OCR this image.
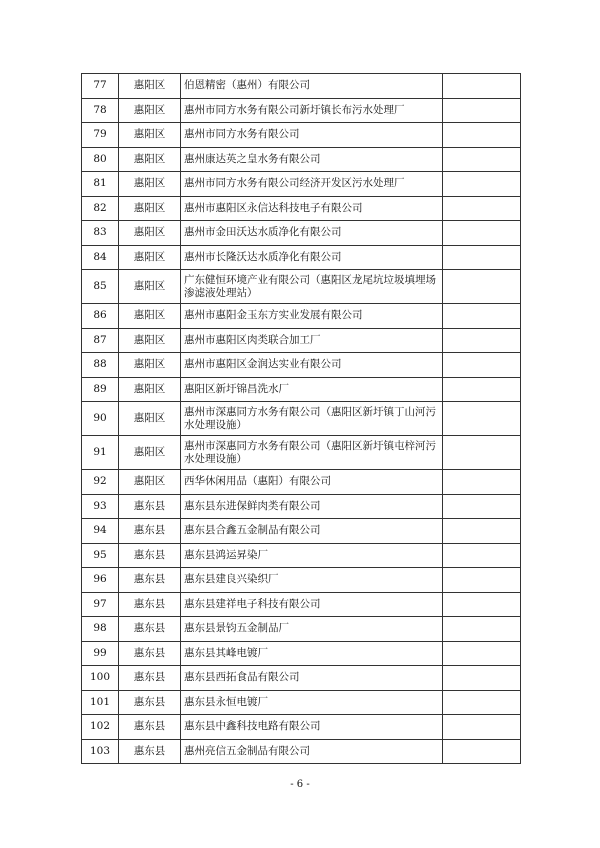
77	惠阳区	伯恩精密（惠州）有限公司	
78	惠阳区	惠州市同方水务有限公司新圩镇长布污水处理厂	
79	惠阳区	惠州市同方水务有限公司	
80	惠阳区	惠州康达英之皇水务有限公司	
81	惠阳区	惠州市同方水务有限公司经济开发区污水处理厂	
82	惠阳区	惠州市惠阳区永信达科技电子有限公司	
83	惠阳区	惠州市金田沃达水质净化有限公司	
84	惠阳区	惠州市长隆沃达水质净化有限公司	
85	惠阳区	广东健恒环境产业有限公司（惠阳区龙尾坑垃圾填埋场渗滤液处理站）	
86	惠阳区	惠州市惠阳金玉东方实业发展有限公司	
87	惠阳区	惠州市惠阳区肉类联合加工厂	
88	惠阳区	惠州市惠阳区金润达实业有限公司	
89	惠阳区	惠阳区新圩锦昌洗水厂	
90	惠阳区	惠州市深惠同方水务有限公司（惠阳区新圩镇丁山河污水处理设施）	
91	惠阳区	惠州市深惠同方水务有限公司（惠阳区新圩镇屯梓河污水处理设施）	
92	惠阳区	西华休闲用品（惠阳）有限公司	
93	惠东县	惠东县东进保鲜肉类有限公司	
94	惠东县	惠东县合鑫五金制品有限公司	
95	惠东县	惠东县鸿运昇染厂	
96	惠东县	惠东县建良兴染织厂	
97	惠东县	惠东县建祥电子科技有限公司	
98	惠东县	惠东县景钧五金制品厂	
99	惠东县	惠东县其峰电镀厂	
100	惠东县	惠东县西拓食品有限公司	
101	惠东县	惠东县永恒电镀厂	
102	惠东县	惠东县中鑫科技电路有限公司	
103	惠东县	惠州亮信五金制品有限公司	
- 6 -
